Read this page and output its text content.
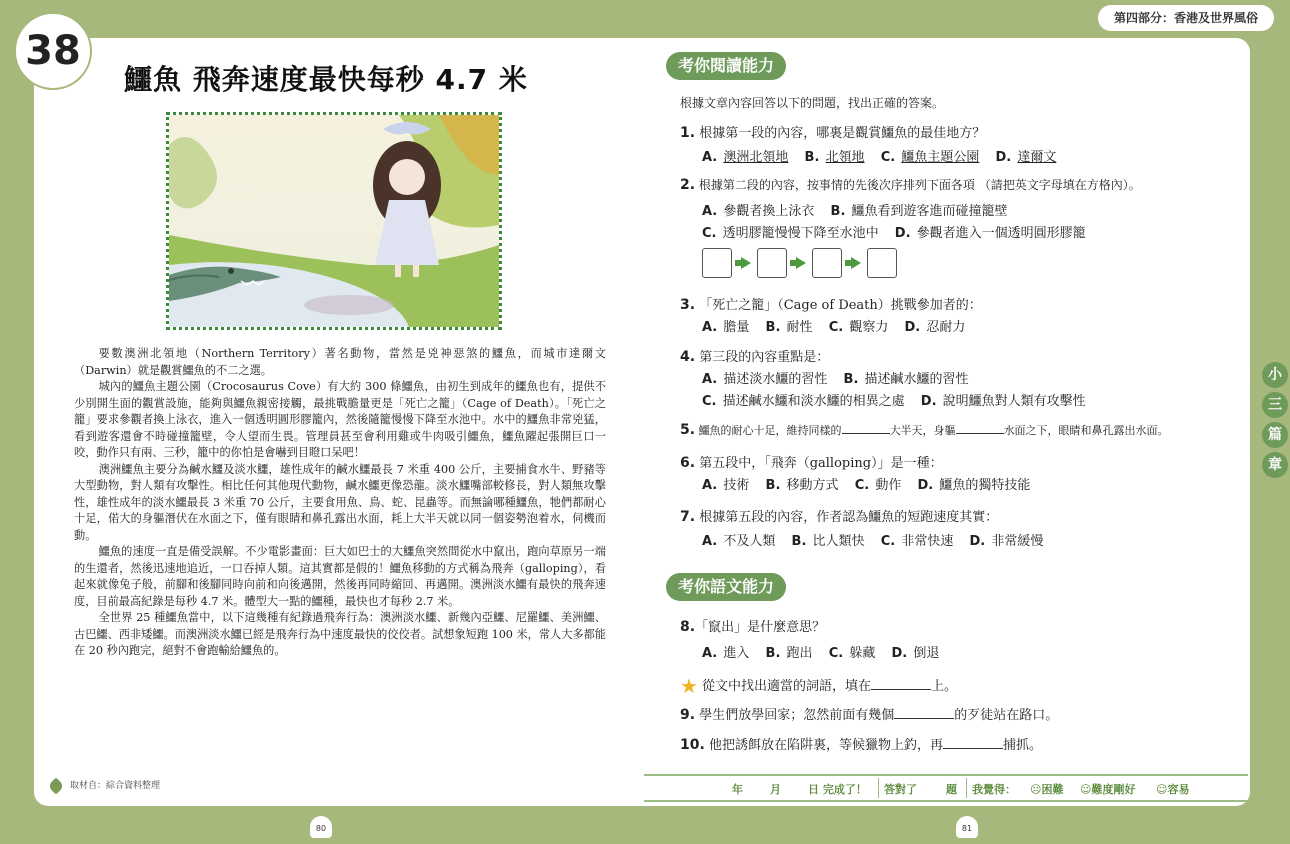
38
第四部分：香港及世界風俗
鱷魚 飛奔速度最快每秒 4.7 米

要數澳洲北領地（Northern Territory）著名動物，當然是兇神惡煞的鱷魚，而城市達爾文（Darwin）就是觀賞鱷魚的不二之選。

城內的鱷魚主題公園（Crocosaurus Cove）有大約 300 條鱷魚，由初生到成年的鱷魚也有，提供不少別開生面的觀賞設施，能夠與鱷魚親密接觸，最挑戰膽量更是「死亡之籠」（Cage of Death）。「死亡之籠」要求參觀者換上泳衣，進入一個透明圓形膠籠內，然後隨籠慢慢下降至水池中。水中的鱷魚非常兇猛，看到遊客還會不時碰撞籠壁，令人望而生畏。管理員甚至會利用雞或牛肉吸引鱷魚，鱷魚躍起張開巨口一咬，動作只有兩、三秒，籠中的你怕是會嚇到目瞪口呆吧！

澳洲鱷魚主要分為鹹水鱷及淡水鱷，雄性成年的鹹水鱷最長 7 米重 400 公斤，主要捕食水牛、野豬等大型動物，對人類有攻擊性。相比任何其他現代動物，鹹水鱷更像恐龍。淡水鱷嘴部較修長，對人類無攻擊性，雄性成年的淡水鱷最長 3 米重 70 公斤，主要食用魚、鳥、蛇、昆蟲等。而無論哪種鱷魚，牠們都耐心十足，偌大的身軀潛伏在水面之下，僅有眼睛和鼻孔露出水面，耗上大半天就以同一個姿勢泡着水，伺機而動。

鱷魚的速度一直是備受誤解。不少電影畫面：巨大如巴士的大鱷魚突然間從水中竄出，跑向草原另一端的生還者，然後迅速地追近，一口吞掉人類。這其實都是假的！鱷魚移動的方式稱為飛奔（galloping），看起來就像兔子般，前腳和後腳同時向前和向後邁開，然後再同時縮回、再邁開。澳洲淡水鱷有最快的飛奔速度，目前最高紀錄是每秒 4.7 米。體型大一點的鱷種，最快也才每秒 2.7 米。

全世界 25 種鱷魚當中，以下這幾種有紀錄過飛奔行為：澳洲淡水鱷、新幾內亞鱷、尼羅鱷、美洲鱷、古巴鱷、西非矮鱷。而澳洲淡水鱷已經是飛奔行為中速度最快的佼佼者。試想象短跑 100 米，常人大多都能在 20 秒內跑完，絕對不會跑輸給鱷魚的。

取材自：綜合資料整理
80
考你閱讀能力
根據文章內容回答以下的問題，找出正確的答案。
1. 根據第一段的內容，哪裏是觀賞鱷魚的最佳地方？
A. 澳洲北領地 B. 北領地 C. 鱷魚主題公園 D. 達爾文
2. 根據第二段的內容，按事情的先後次序排列下面各項 （請把英文字母填在方格內）。
A. 參觀者換上泳衣 B. 鱷魚看到遊客進而碰撞籠壁
C. 透明膠籠慢慢下降至水池中 D. 參觀者進入一個透明圓形膠籠
3. 「死亡之籠」（Cage of Death）挑戰參加者的：
A. 膽量 B. 耐性 C. 觀察力 D. 忍耐力
4. 第三段的內容重點是：
A. 描述淡水鱷的習性 B. 描述鹹水鱷的習性
C. 描述鹹水鱷和淡水鱷的相異之處 D. 說明鱷魚對人類有攻擊性
5. 鱷魚的耐心十足，維持同樣的	大半天，身軀	水面之下，眼睛和鼻孔露出水面。
6. 第五段中，「飛奔（galloping）」是一種：
A. 技術 B. 移動方式 C. 動作 D. 鱷魚的獨特技能
7. 根據第五段的內容，作者認為鱷魚的短跑速度其實：
A. 不及人類 B. 比人類快 C. 非常快速 D. 非常緩慢
考你語文能力
8.「竄出」是什麼意思？
A. 進入 B. 跑出 C. 躲藏 D. 倒退
★ 從文中找出適當的詞語，填在	上。
9. 學生們放學回家；忽然前面有幾個	的歹徒站在路口。
10. 他把誘餌放在陷阱裏，等候獵物上釣，再	捕抓。
年 月 日 完成了！ 答對了	題 我覺得： ☹困難 ☺難度剛好 ☺容易
81
小
三
篇
章
